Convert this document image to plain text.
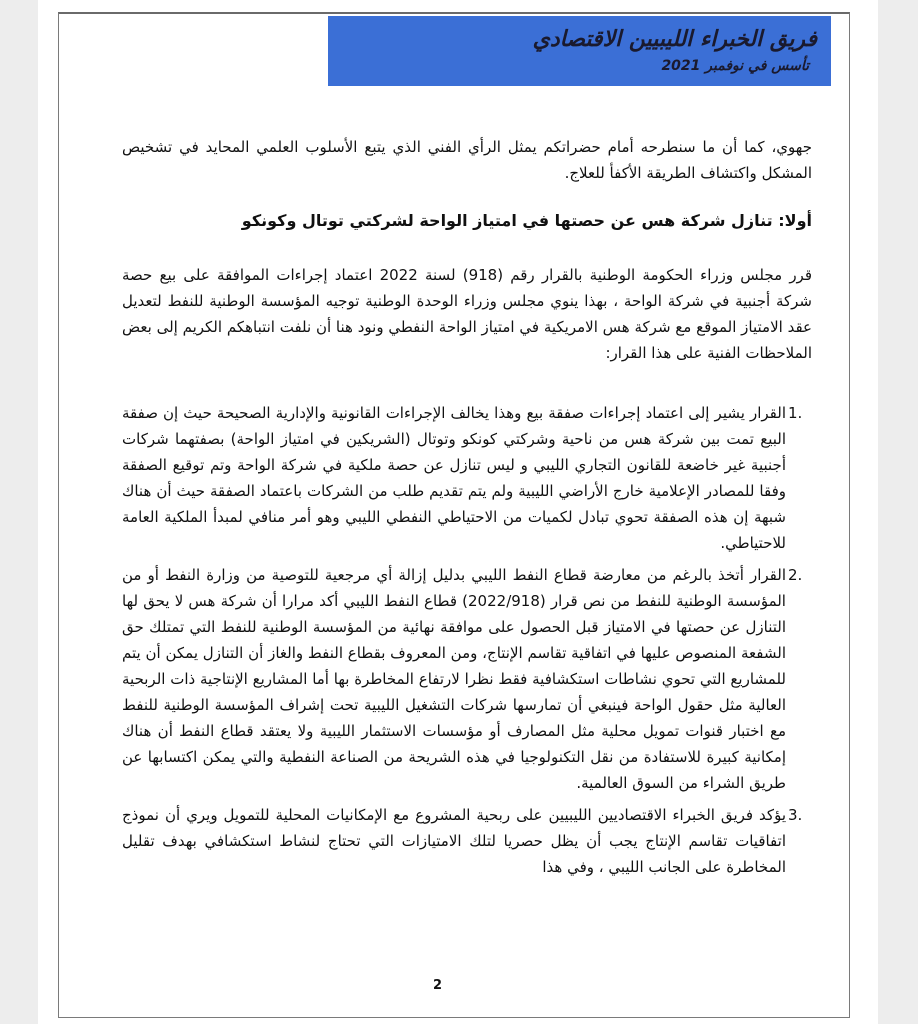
فريق الخبراء الليبيين الاقتصادي
تأسس في نوفمبر 2021

جهوي، كما أن ما سنطرحه أمام حضراتكم يمثل الرأي الفني الذي يتبع الأسلوب العلمي المحايد في تشخيص المشكل واكتشاف الطريقة الأكفأ للعلاج.

أولا: تنازل شركة هس عن حصتها في امتياز الواحة لشركتي توتال وكونكو

قرر مجلس وزراء الحكومة الوطنية بالقرار رقم (918) لسنة 2022 اعتماد إجراءات الموافقة على بيع حصة شركة أجنبية في شركة الواحة ، بهذا ينوي مجلس وزراء الوحدة الوطنية توجيه المؤسسة الوطنية للنفط لتعديل عقد الامتياز الموقع مع شركة هس الامريكية في امتياز الواحة النفطي ونود هنا أن نلفت انتباهكم الكريم إلى بعض الملاحظات الفنية على هذا القرار:

1.
القرار يشير إلى اعتماد إجراءات صفقة بيع وهذا يخالف الإجراءات القانونية والإدارية الصحيحة حيث إن صفقة البيع تمت بين شركة هس من ناحية وشركتي كونكو وتوتال (الشريكين في امتياز الواحة) بصفتهما شركات أجنبية غير خاضعة للقانون التجاري الليبي و ليس تنازل عن حصة ملكية في شركة الواحة وتم توقيع الصفقة وفقا للمصادر الإعلامية خارج الأراضي الليبية ولم يتم تقديم طلب من الشركات باعتماد الصفقة حيث أن هناك شبهة إن هذه الصفقة تحوي تبادل لكميات من الاحتياطي النفطي الليبي وهو أمر منافي لمبدأ الملكية العامة للاحتياطي.
2.
القرار أتخذ بالرغم من معارضة قطاع النفط الليبي بدليل إزالة أي مرجعية للتوصية من وزارة النفط أو من المؤسسة الوطنية للنفط من نص قرار (2022/918) قطاع النفط الليبي أكد مرارا أن شركة هس لا يحق لها التنازل عن حصتها في الامتياز قبل الحصول على موافقة نهائية من المؤسسة الوطنية للنفط التي تمتلك حق الشفعة المنصوص عليها في اتفاقية تقاسم الإنتاج، ومن المعروف بقطاع النفط والغاز أن التنازل يمكن أن يتم للمشاريع التي تحوي نشاطات استكشافية فقط نظرا لارتفاع المخاطرة بها أما المشاريع الإنتاجية ذات الربحية العالية مثل حقول الواحة فينبغي أن تمارسها شركات التشغيل الليبية تحت إشراف المؤسسة الوطنية للنفط مع اختبار قنوات تمويل محلية مثل المصارف أو مؤسسات الاستثمار الليبية ولا يعتقد قطاع النفط أن هناك إمكانية كبيرة للاستفادة من نقل التكنولوجيا في هذه الشريحة من الصناعة النفطية والتي يمكن اكتسابها عن طريق الشراء من السوق العالمية.
3.
يؤكد فريق الخبراء الاقتصاديين الليبيين على ربحية المشروع مع الإمكانيات المحلية للتمويل ويري أن نموذج اتفاقيات تقاسم الإنتاج يجب أن يظل حصريا لتلك الامتيازات التي تحتاج لنشاط استكشافي بهدف تقليل المخاطرة على الجانب الليبي ، وفي هذا
2
